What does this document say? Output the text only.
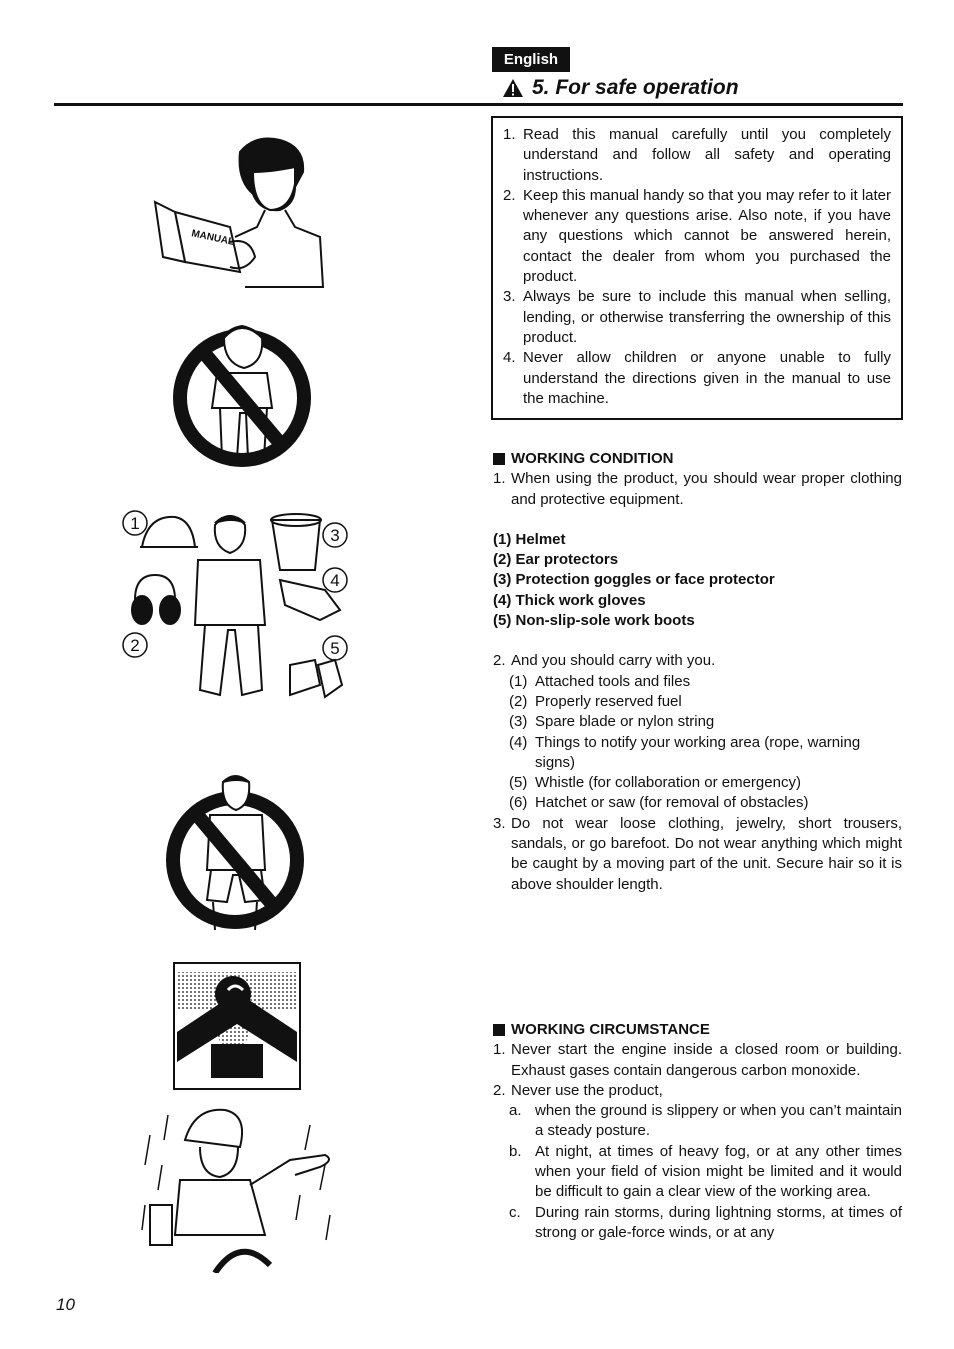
English
5. For safe operation
1. Read this manual carefully until you completely understand and follow all safety and operating instructions.
2. Keep this manual handy so that you may refer to it later whenever any questions arise. Also note, if you have any questions which cannot be answered herein, contact the dealer from whom you purchased the product.
3. Always be sure to include this manual when selling, lending, or otherwise transferring the ownership of this product.
4. Never allow children or anyone unable to fully understand the directions given in the manual to use the machine.
WORKING CONDITION
1. When using the product, you should wear proper clothing and protective equipment.
(1) Helmet
(2) Ear protectors
(3) Protection goggles or face protector
(4) Thick work gloves
(5) Non-slip-sole work boots
2. And you should carry with you.
(1) Attached tools and files
(2) Properly reserved fuel
(3) Spare blade or nylon string
(4) Things to notify your working area (rope, warning signs)
(5) Whistle (for collaboration or emergency)
(6) Hatchet or saw (for removal of obstacles)
3. Do not wear loose clothing, jewelry, short trousers, sandals, or go barefoot. Do not wear anything which might be caught by a moving part of the unit. Secure hair so it is above shoulder length.
WORKING CIRCUMSTANCE
1. Never start the engine inside a closed room or building. Exhaust gases contain dangerous carbon monoxide.
2. Never use the product,
a. when the ground is slippery or when you can’t maintain a steady posture.
b. At night, at times of heavy fog, or at any other times when your field of vision might be limited and it would be difficult to gain a clear view of the working area.
c. During rain storms, during lightning storms, at times of strong or gale-force winds, or at any
MANUAL
1
2
3
4
5
10
